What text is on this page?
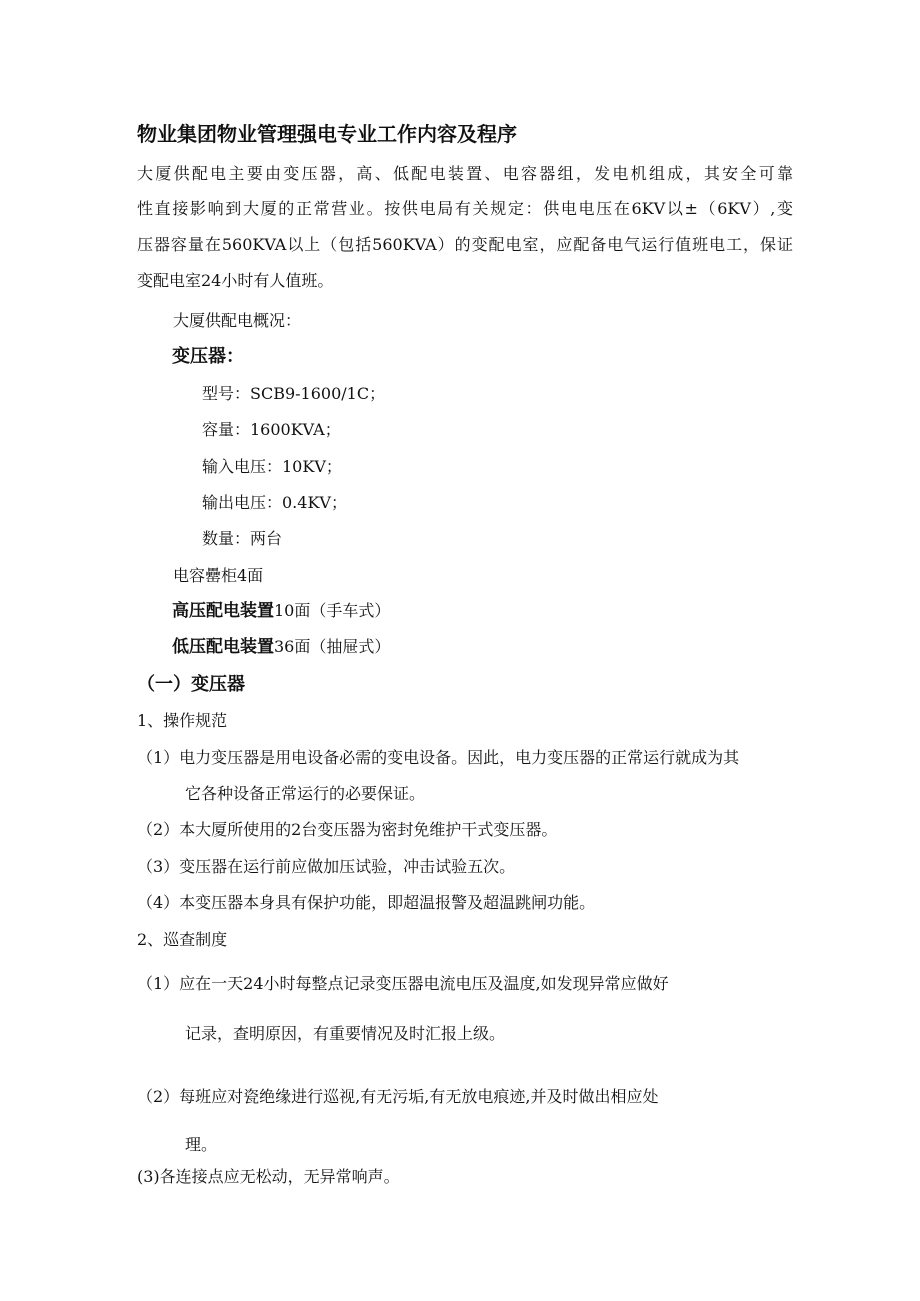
物业集团物业管理强电专业工作内容及程序
大厦供配电主要由变压器，高、低配电装置、电容器组，发电机组成，其安全可靠
性直接影响到大厦的正常营业。按供电局有关规定：供电电压在6KV以±（6KV）,变
压器容量在560KVA以上（包括560KVA）的变配电室，应配备电气运行值班电工，保证
变配电室24小时有人值班。
大厦供配电概况：
变压器：
型号：SCB9-1600/1C；
容量：1600KVA；
输入电压：10KV；
输出电压：0.4KV；
数量：两台
电容罍柜4面
高压配电装置10面（手车式）
低压配电装置36面（抽屉式）
（一）变压器
1、操作规范
（1）电力变压器是用电设备必需的变电设备。因此，电力变压器的正常运行就成为其
它各种设备正常运行的必要保证。
（2）本大厦所使用的2台变压器为密封免维护干式变压器。
（3）变压器在运行前应做加压试验，冲击试验五次。
（4）本变压器本身具有保护功能，即超温报警及超温跳闸功能。
2、巡查制度
（1）应在一天24小时每整点记录变压器电流电压及温度,如发现异常应做好
记录，查明原因，有重要情况及时汇报上级。
（2）每班应对瓷绝缘进行巡视,有无污垢,有无放电痕迹,并及时做出相应处
理。
(3)各连接点应无松动，无异常响声。
